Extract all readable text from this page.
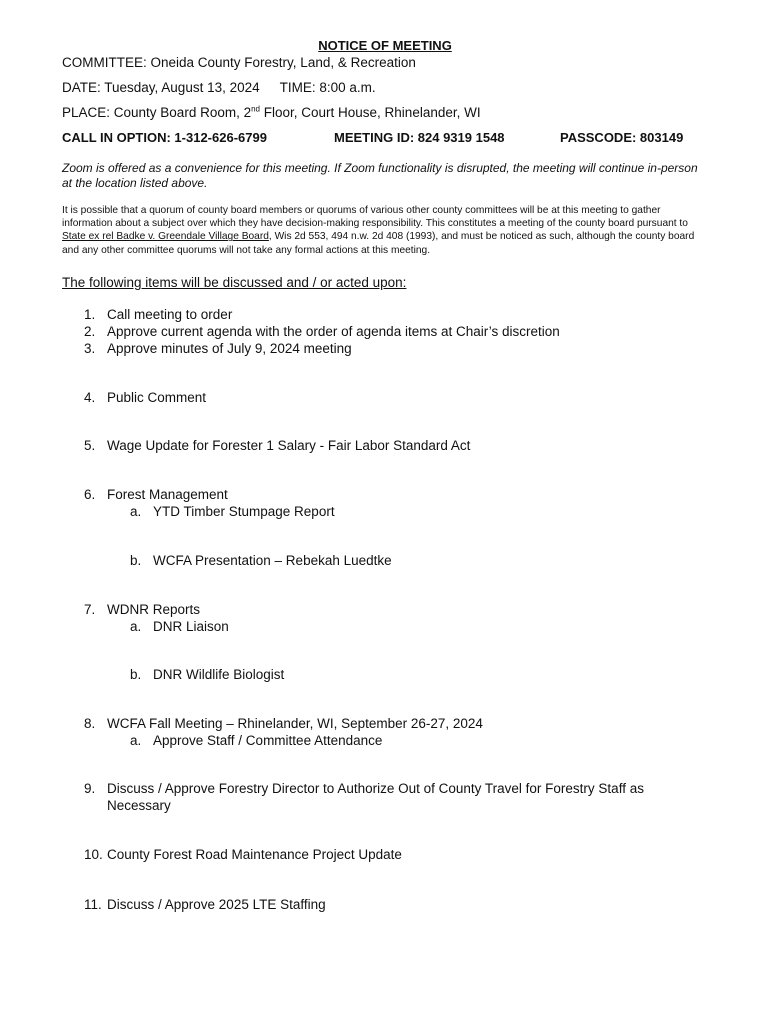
NOTICE OF MEETING
COMMITTEE: Oneida County Forestry, Land, & Recreation
DATE: Tuesday, August 13, 2024 TIME: 8:00 a.m.
PLACE: County Board Room, 2nd Floor, Court House, Rhinelander, WI
CALL IN OPTION: 1-312-626-6799	MEETING ID: 824 9319 1548	PASSCODE: 803149
Zoom is offered as a convenience for this meeting. If Zoom functionality is disrupted, the meeting will continue in-person at the location listed above.
It is possible that a quorum of county board members or quorums of various other county committees will be at this meeting to gather information about a subject over which they have decision-making responsibility. This constitutes a meeting of the county board pursuant to State ex rel Badke v. Greendale Village Board, Wis 2d 553, 494 n.w. 2d 408 (1993), and must be noticed as such, although the county board and any other committee quorums will not take any formal actions at this meeting.
The following items will be discussed and / or acted upon:
1. Call meeting to order
2. Approve current agenda with the order of agenda items at Chair’s discretion
3. Approve minutes of July 9, 2024 meeting
4. Public Comment
5. Wage Update for Forester 1 Salary - Fair Labor Standard Act
6. Forest Management
a. YTD Timber Stumpage Report
b. WCFA Presentation – Rebekah Luedtke
7. WDNR Reports
a. DNR Liaison
b. DNR Wildlife Biologist
8. WCFA Fall Meeting – Rhinelander, WI, September 26-27, 2024
a. Approve Staff / Committee Attendance
9. Discuss / Approve Forestry Director to Authorize Out of County Travel for Forestry Staff as Necessary
10. County Forest Road Maintenance Project Update
11. Discuss / Approve 2025 LTE Staffing
